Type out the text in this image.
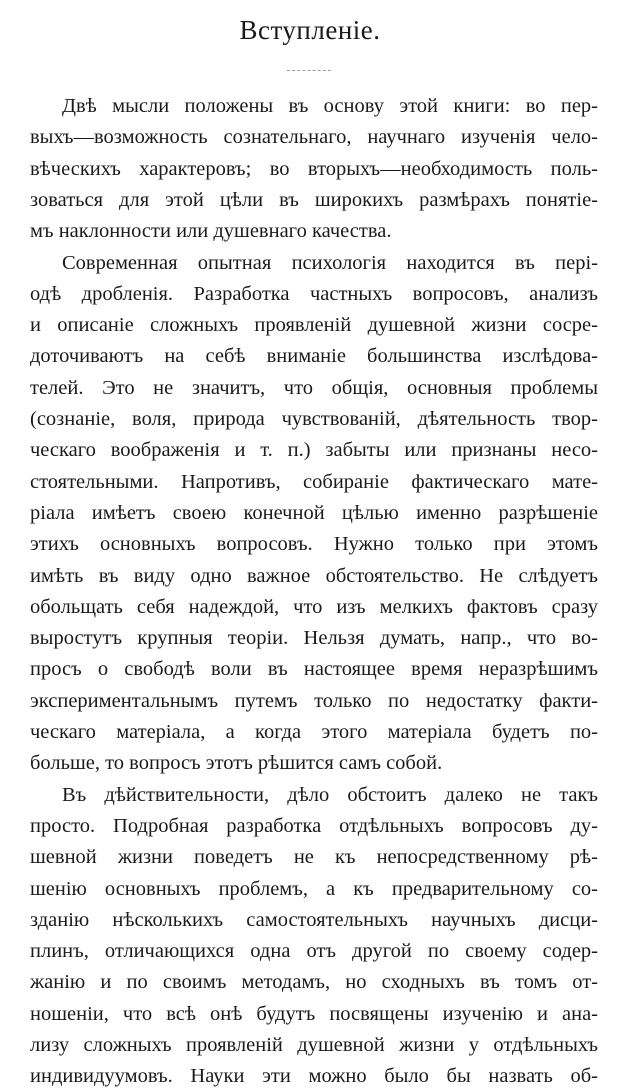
Вступленіе.
Двѣ мысли положены въ основу этой книги: во пер-
выхъ—возможность сознательнаго, научнаго изученія чело-
вѣческихъ характеровъ; во вторыхъ—необходимость поль-
зоваться для этой цѣли въ широкихъ размѣрахъ понятіе-
мъ наклонности или душевнаго качества.
Современная опытная психологія находится въ пері-
одѣ дробленія. Разработка частныхъ вопросовъ, анализъ
и описаніе сложныхъ проявленій душевной жизни сосре-
доточиваютъ на себѣ вниманіе большинства изслѣдова-
телей. Это не значитъ, что общія, основныя проблемы
(сознаніе, воля, природа чувствованій, дѣятельность твор-
ческаго воображенія и т. п.) забыты или признаны несо-
стоятельными. Напротивъ, собираніе фактическаго мате-
ріала имѣетъ своею конечной цѣлью именно разрѣшеніе
этихъ основныхъ вопросовъ. Нужно только при этомъ
имѣть въ виду одно важное обстоятельство. Не слѣдуетъ
обольщать себя надеждой, что изъ мелкихъ фактовъ сразу
выростутъ крупныя теоріи. Нельзя думать, напр., что во-
просъ о свободѣ воли въ настоящее время неразрѣшимъ
экспериментальнымъ путемъ только по недостатку факти-
ческаго матеріала, а когда этого матеріала будетъ по-
больше, то вопросъ этотъ рѣшится самъ собой.
Въ дѣйствительности, дѣло обстоитъ далеко не такъ
просто. Подробная разработка отдѣльныхъ вопросовъ ду-
шевной жизни поведетъ не къ непосредственному рѣ-
шенію основныхъ проблемъ, а къ предварительному со-
зданію нѣсколькихъ самостоятельныхъ научныхъ дисци-
плинъ, отличающихся одна отъ другой по своему содер-
жанію и по своимъ методамъ, но сходныхъ въ томъ от-
ношеніи, что всѣ онѣ будутъ посвящены изученію и ана-
лизу сложныхъ проявленій душевной жизни у отдѣльныхъ
индивидуумовъ. Науки эти можно было бы назвать об-
